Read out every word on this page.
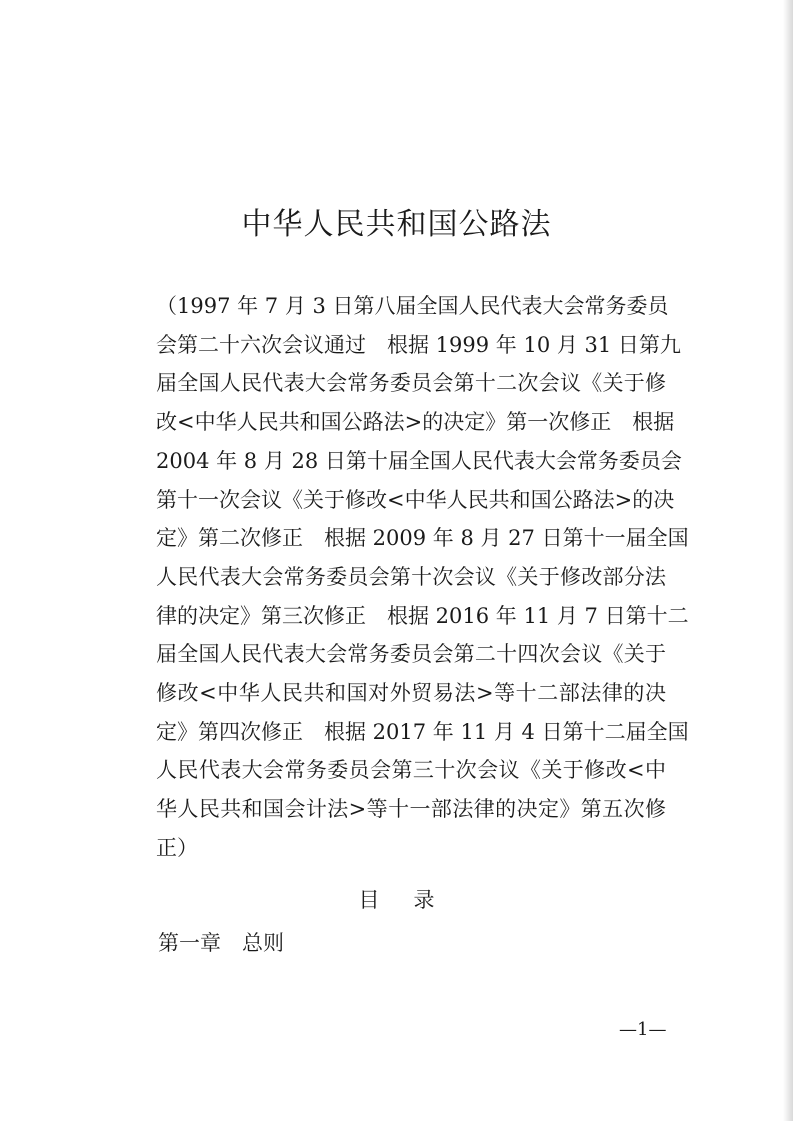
中华人民共和国公路法

（1997 年 7 月 3 日第八届全国人民代表大会常务委员
会第二十六次会议通过　根据 1999 年 10 月 31 日第九
届全国人民代表大会常务委员会第十二次会议《关于修
改<中华人民共和国公路法>的决定》第一次修正　根据
2004 年 8 月 28 日第十届全国人民代表大会常务委员会
第十一次会议《关于修改<中华人民共和国公路法>的决
定》第二次修正　根据 2009 年 8 月 27 日第十一届全国
人民代表大会常务委员会第十次会议《关于修改部分法
律的决定》第三次修正　根据 2016 年 11 月 7 日第十二
届全国人民代表大会常务委员会第二十四次会议《关于
修改<中华人民共和国对外贸易法>等十二部法律的决
定》第四次修正　根据 2017 年 11 月 4 日第十二届全国
人民代表大会常务委员会第三十次会议《关于修改<中
华人民共和国会计法>等十一部法律的决定》第五次修
正）

目录
第一章　总则
—1—
